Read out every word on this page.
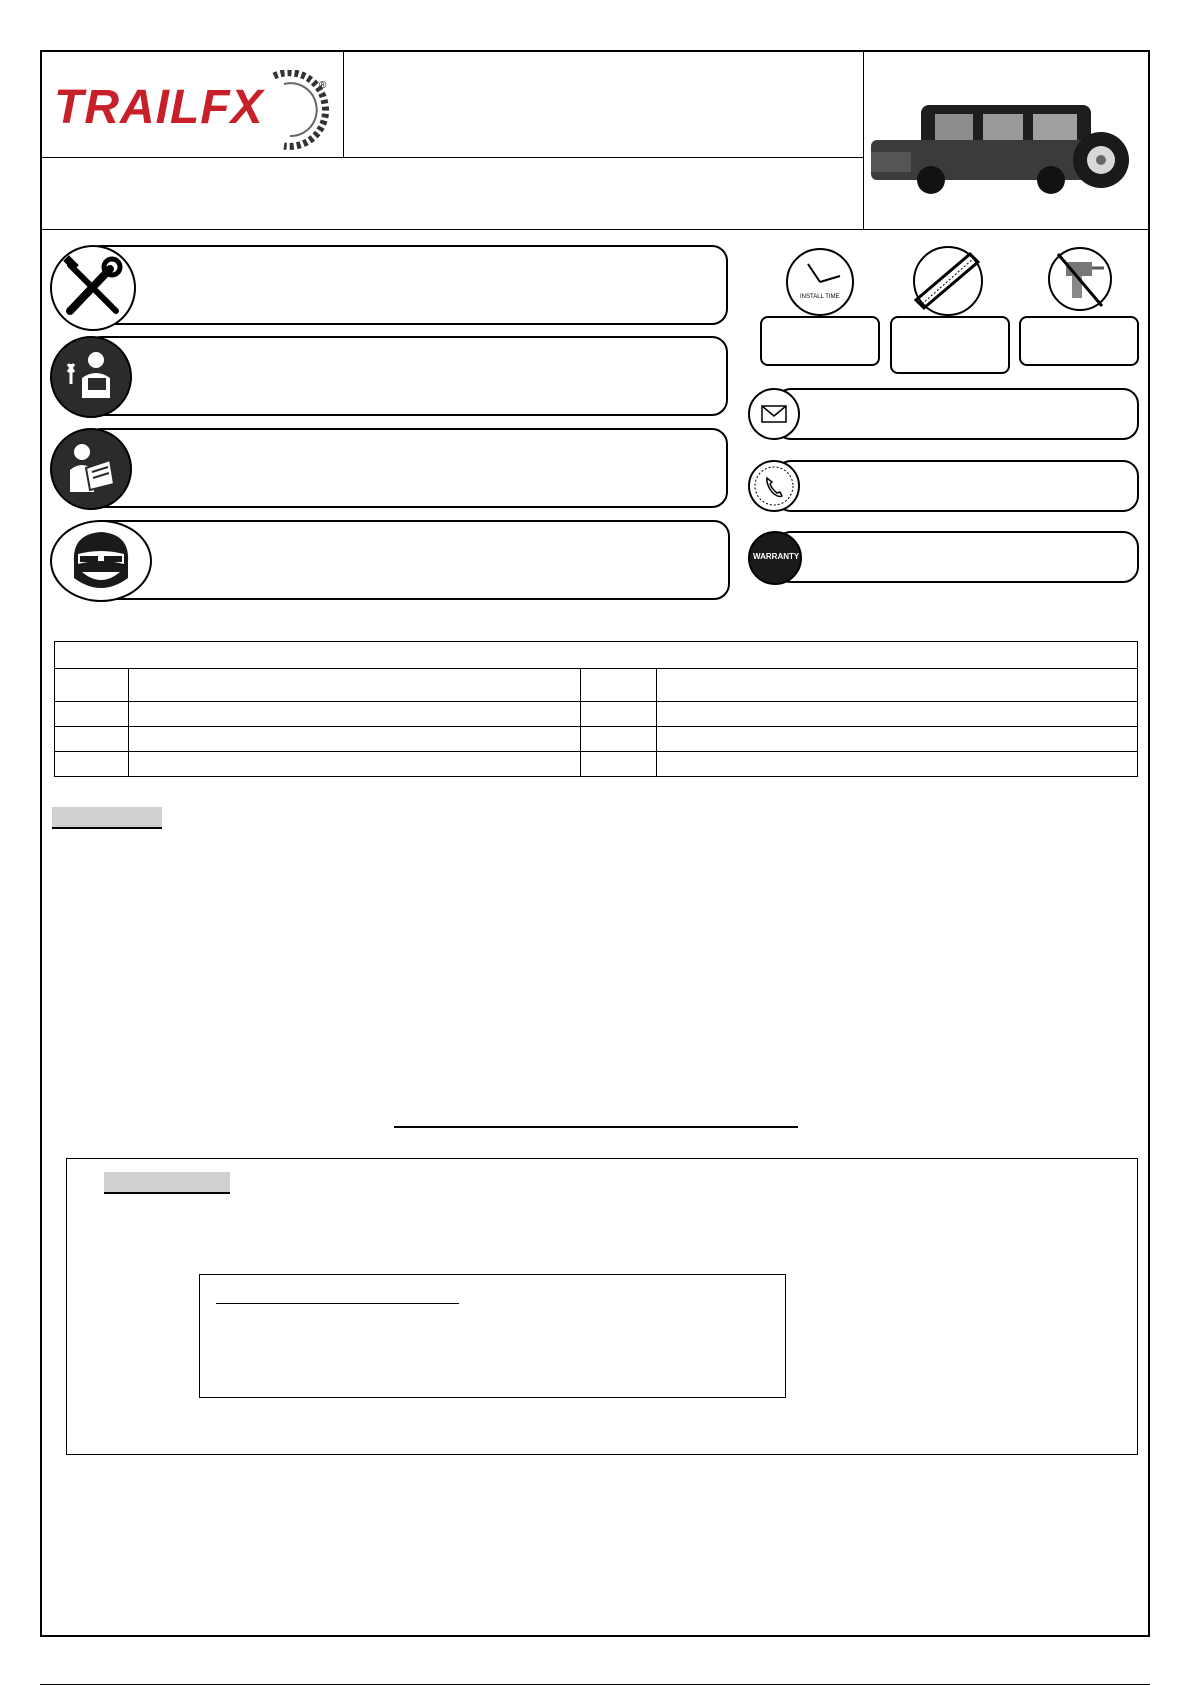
TRAILFX	®
INSTALL TIME
WARRANTY
